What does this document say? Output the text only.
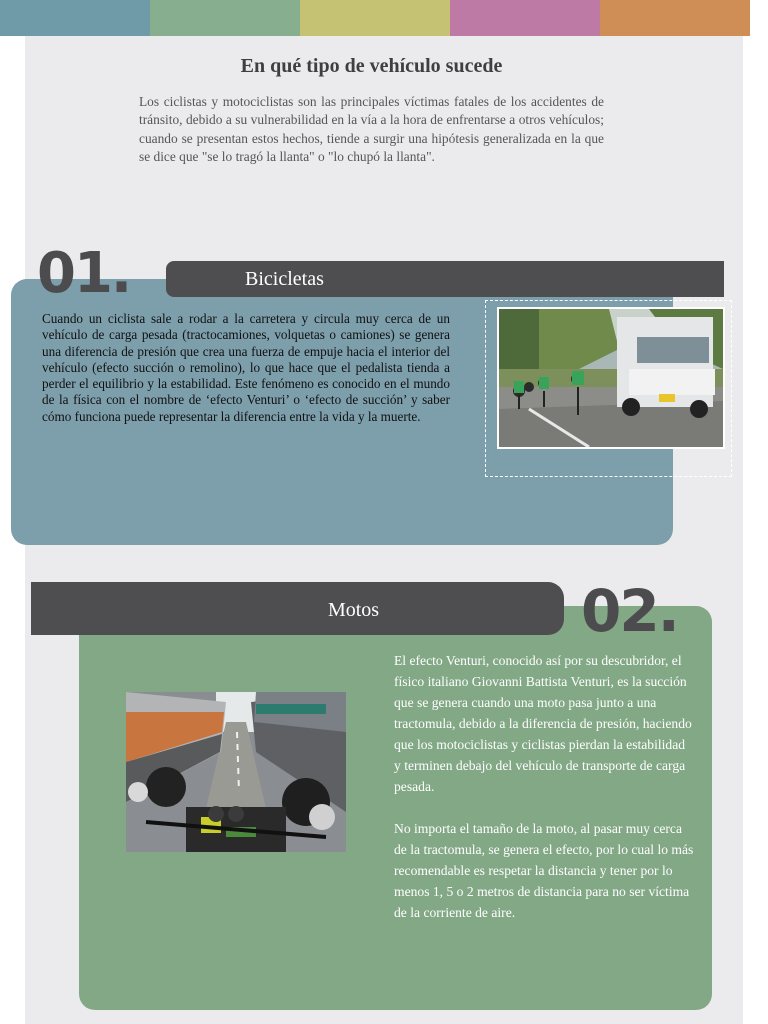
En qué tipo de vehículo sucede

Los ciclistas y motociclistas son las principales víctimas fatales de los accidentes de tránsito, debido a su vulnerabilidad en la vía a la hora de enfrentarse a otros vehículos; cuando se presentan estos hechos, tiende a surgir una hipótesis generalizada en la que se dice que "se lo tragó la llanta" o "lo chupó la llanta".

01.	Bicicletas

Cuando un ciclista sale a rodar a la carretera y circula muy cerca de un vehículo de carga pesada (tractocamiones, volquetas o camiones) se genera una diferencia de presión que crea una fuerza de empuje hacia el interior del vehículo (efecto succión o remolino), lo que hace que el pedalista tienda a perder el equilibrio y la estabilidad. Este fenómeno es conocido en el mundo de la física con el nombre de ‘efecto Venturi’ o ‘efecto de succión’ y saber cómo funciona puede representar la diferencia entre la vida y la muerte.

Motos	02.

El efecto Venturi, conocido así por su descubridor, el físico italiano Giovanni Battista Venturi, es la succión que se genera cuando una moto pasa junto a una tractomula, debido a la diferencia de presión, haciendo que los motociclistas y ciclistas pierdan la estabilidad y terminen debajo del vehículo de transporte de carga pesada.

No importa el tamaño de la moto, al pasar muy cerca de la tractomula, se genera el efecto, por lo cual lo más recomendable es respetar la distancia y tener por lo menos 1, 5 o 2 metros de distancia para no ser víctima de la corriente de aire.
